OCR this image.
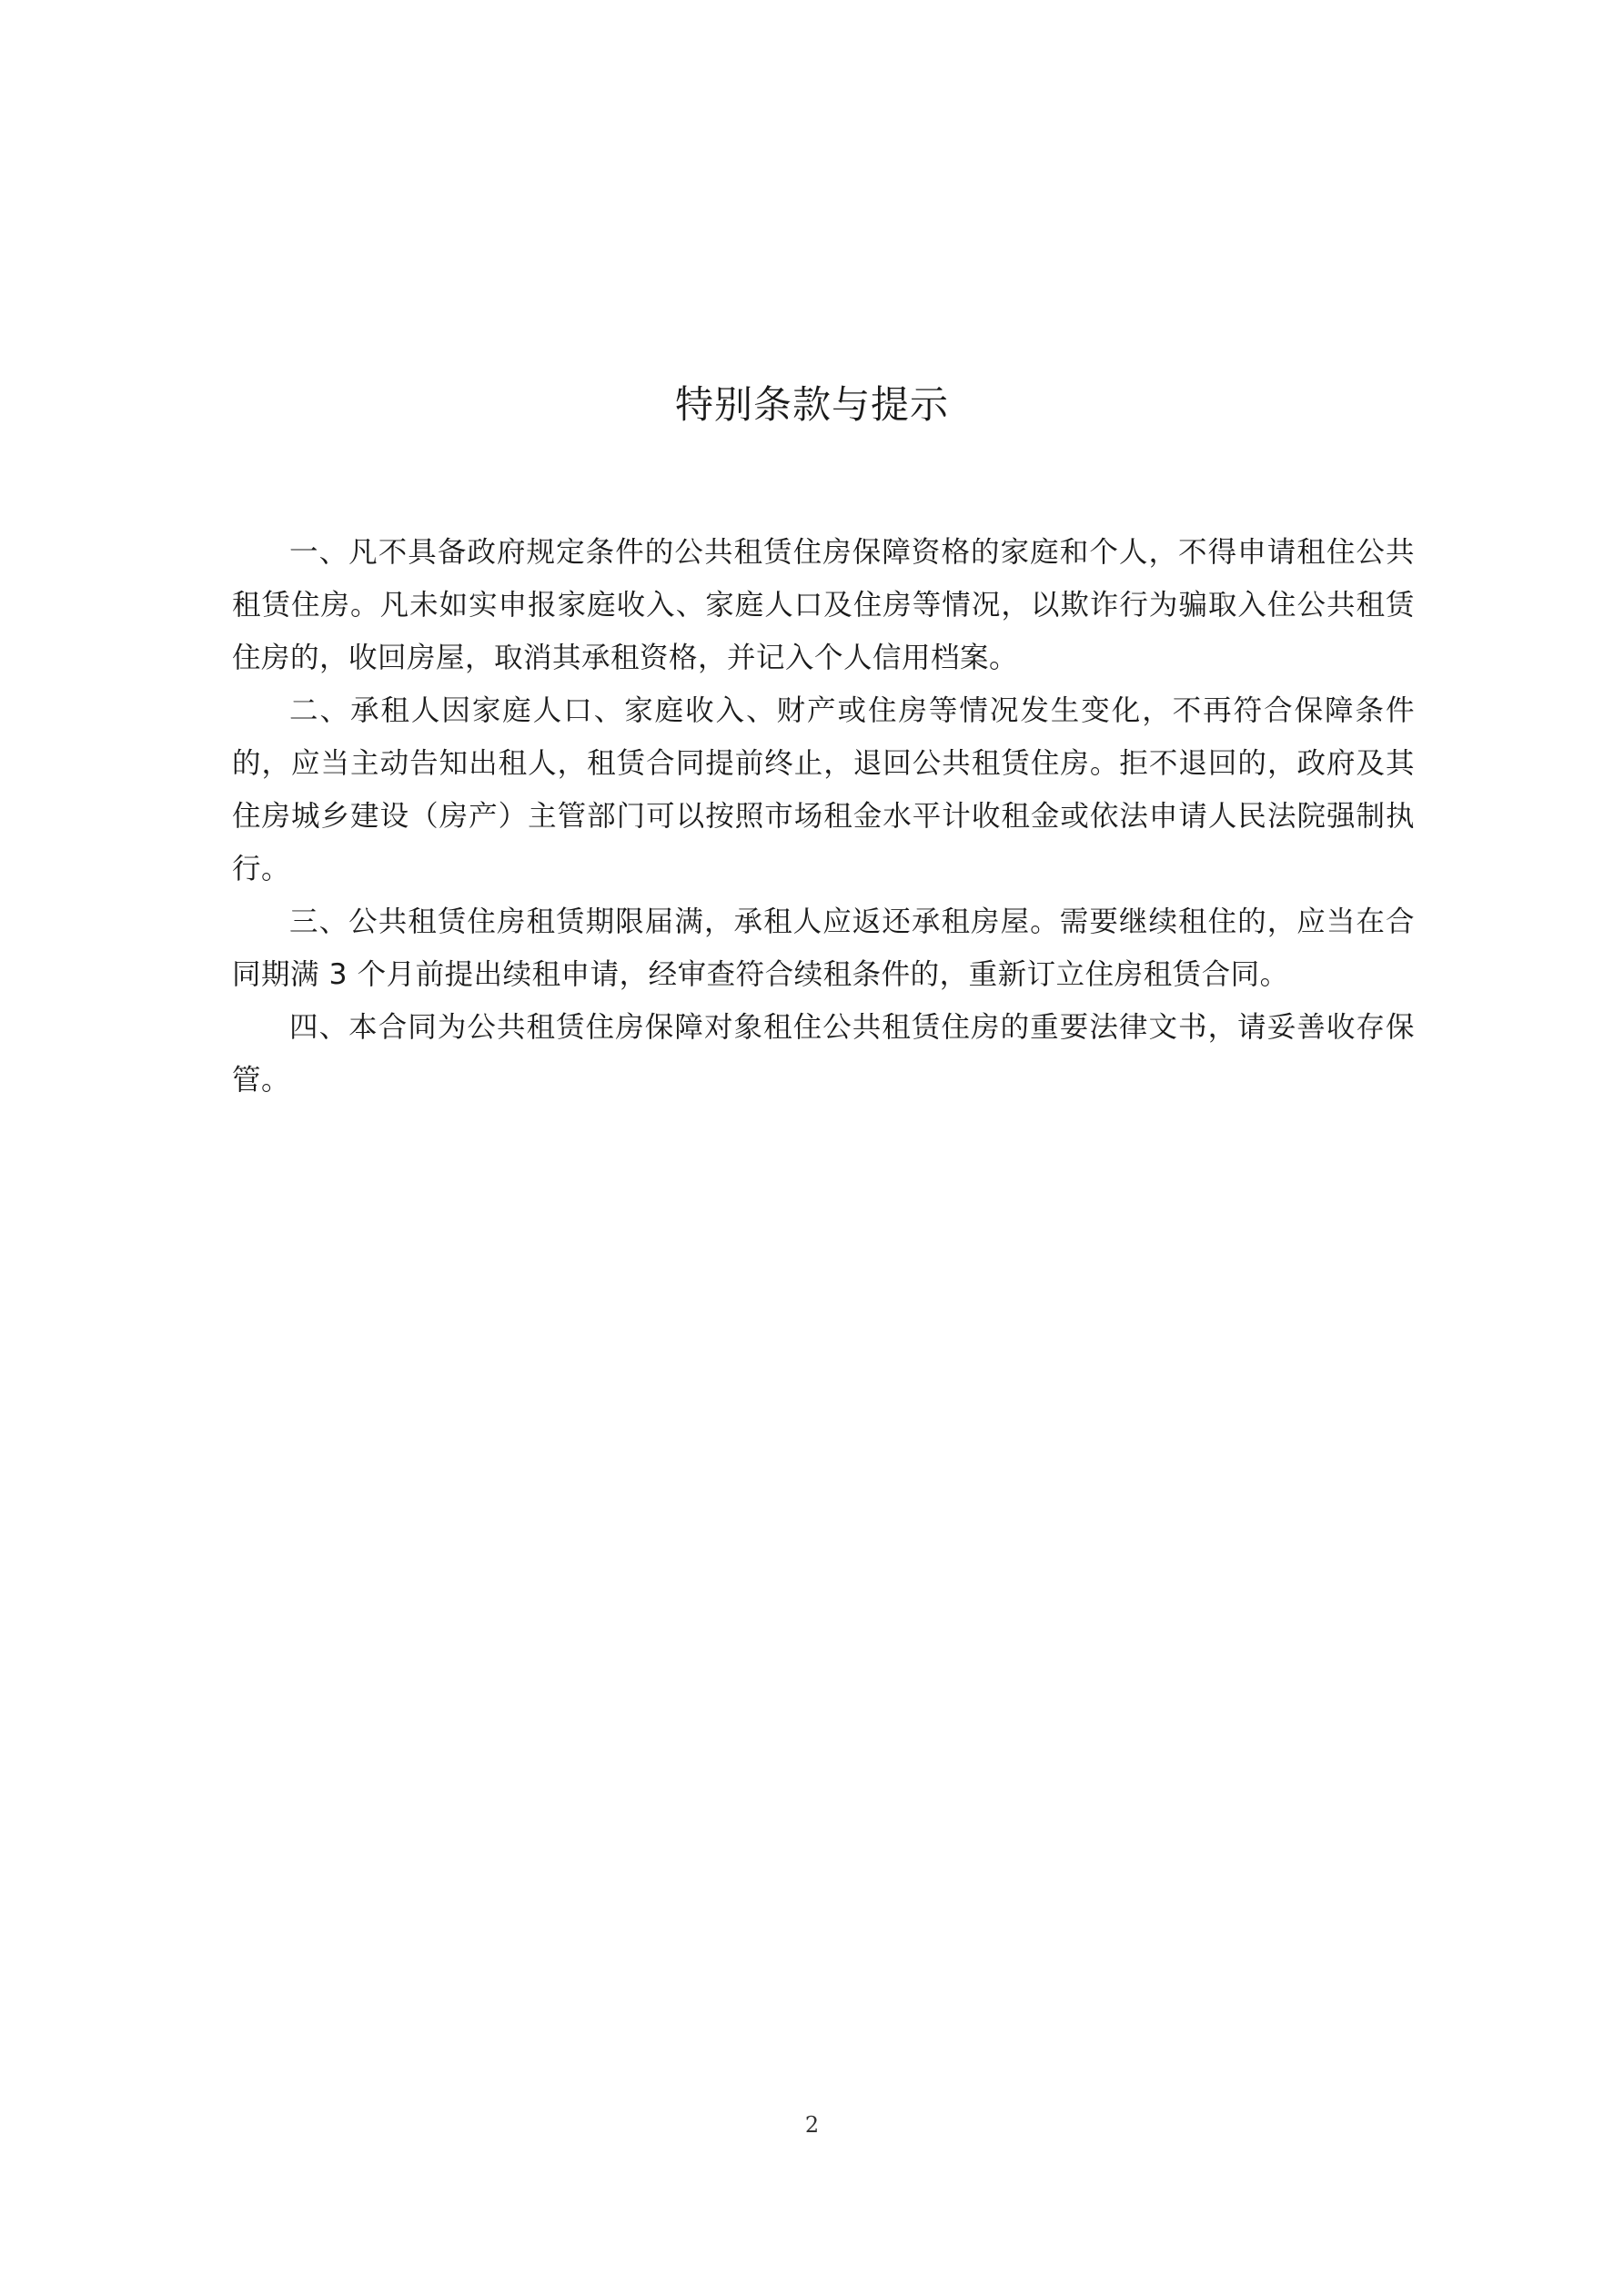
特别条款与提示

一、凡不具备政府规定条件的公共租赁住房保障资格的家庭和个人，不得申请租住公共租赁住房。凡未如实申报家庭收入、家庭人口及住房等情况，以欺诈行为骗取入住公共租赁住房的，收回房屋，取消其承租资格，并记入个人信用档案。

二、承租人因家庭人口、家庭收入、财产或住房等情况发生变化，不再符合保障条件的，应当主动告知出租人，租赁合同提前终止，退回公共租赁住房。拒不退回的，政府及其住房城乡建设（房产）主管部门可以按照市场租金水平计收租金或依法申请人民法院强制执行。

三、公共租赁住房租赁期限届满，承租人应返还承租房屋。需要继续租住的，应当在合同期满 3 个月前提出续租申请，经审查符合续租条件的，重新订立住房租赁合同。

四、本合同为公共租赁住房保障对象租住公共租赁住房的重要法律文书，请妥善收存保管。

2
